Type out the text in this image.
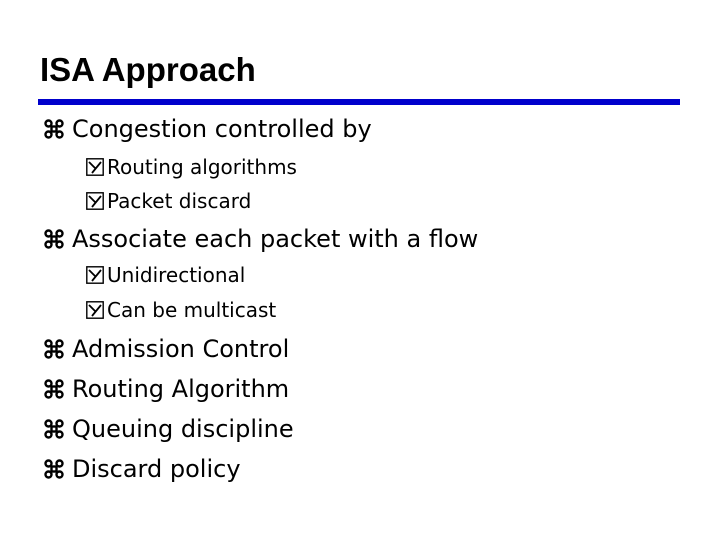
ISA Approach
Congestion controlled by
Routing algorithms
Packet discard
Associate each packet with a flow
Unidirectional
Can be multicast
Admission Control
Routing Algorithm
Queuing discipline
Discard policy
